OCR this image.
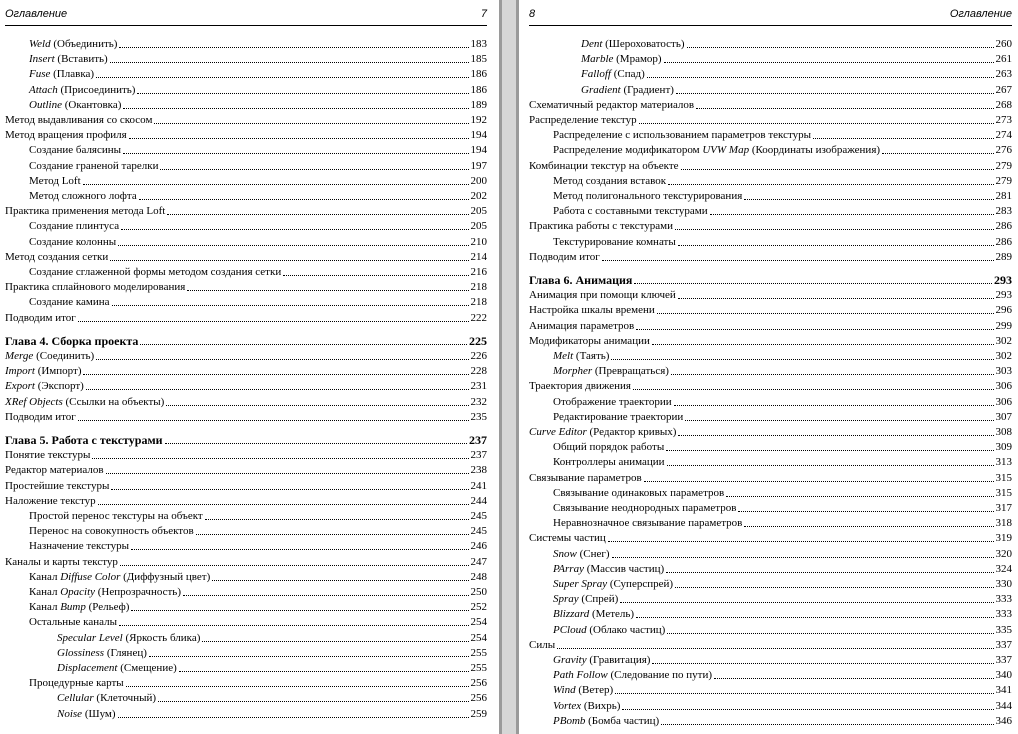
Оглавление	7
Weld (Объединить)	183
Insert (Вставить)	185
Fuse (Плавка)	186
Attach (Присоединить)	186
Outline (Окантовка)	189
Метод выдавливания со скосом	192
Метод вращения профиля	194
Создание балясины	194
Создание граненой тарелки	197
Метод Loft	200
Метод сложного лофта	202
Практика применения метода Loft	205
Создание плинтуса	205
Создание колонны	210
Метод создания сетки	214
Создание сглаженной формы методом создания сетки	216
Практика сплайнового моделирования	218
Создание камина	218
Подводим итог	222
Глава 4. Сборка проекта	225
Merge (Соединить)	226
Import (Импорт)	228
Export (Экспорт)	231
XRef Objects (Ссылки на объекты)	232
Подводим итог	235
Глава 5. Работа с текстурами	237
Понятие текстуры	237
Редактор материалов	238
Простейшие текстуры	241
Наложение текстур	244
Простой перенос текстуры на объект	245
Перенос на совокупность объектов	245
Назначение текстуры	246
Каналы и карты текстур	247
Канал Diffuse Color (Диффузный цвет)	248
Канал Opacity (Непрозрачность)	250
Канал Bump (Рельеф)	252
Остальные каналы	254
Specular Level (Яркость блика)	254
Glossiness (Глянец)	255
Displacement (Смещение)	255
Процедурные карты	256
Cellular (Клеточный)	256
Noise (Шум)	259
8	Оглавление
Dent (Шероховатость)	260
Marble (Мрамор)	261
Falloff (Спад)	263
Gradient (Градиент)	267
Схематичный редактор материалов	268
Распределение текстур	273
Распределение с использованием параметров текстуры	274
Распределение модификатором UVW Map (Координаты изображения)	276
Комбинации текстур на объекте	279
Метод создания вставок	279
Метод полигонального текстурирования	281
Работа с составными текстурами	283
Практика работы с текстурами	286
Текстурирование комнаты	286
Подводим итог	289
Глава 6. Анимация	293
Анимация при помощи ключей	293
Настройка шкалы времени	296
Анимация параметров	299
Модификаторы анимации	302
Melt (Таять)	302
Morpher (Превращаться)	303
Траектория движения	306
Отображение траектории	306
Редактирование траектории	307
Curve Editor (Редактор кривых)	308
Общий порядок работы	309
Контроллеры анимации	313
Связывание параметров	315
Связывание одинаковых параметров	315
Связывание неоднородных параметров	317
Неравнозначное связывание параметров	318
Системы частиц	319
Snow (Снег)	320
PArray (Массив частиц)	324
Super Spray (Суперспрей)	330
Spray (Спрей)	333
Blizzard (Метель)	333
PCloud (Облако частиц)	335
Силы	337
Gravity (Гравитация)	337
Path Follow (Следование по пути)	340
Wind (Ветер)	341
Vortex (Вихрь)	344
PBomb (Бомба частиц)	346
